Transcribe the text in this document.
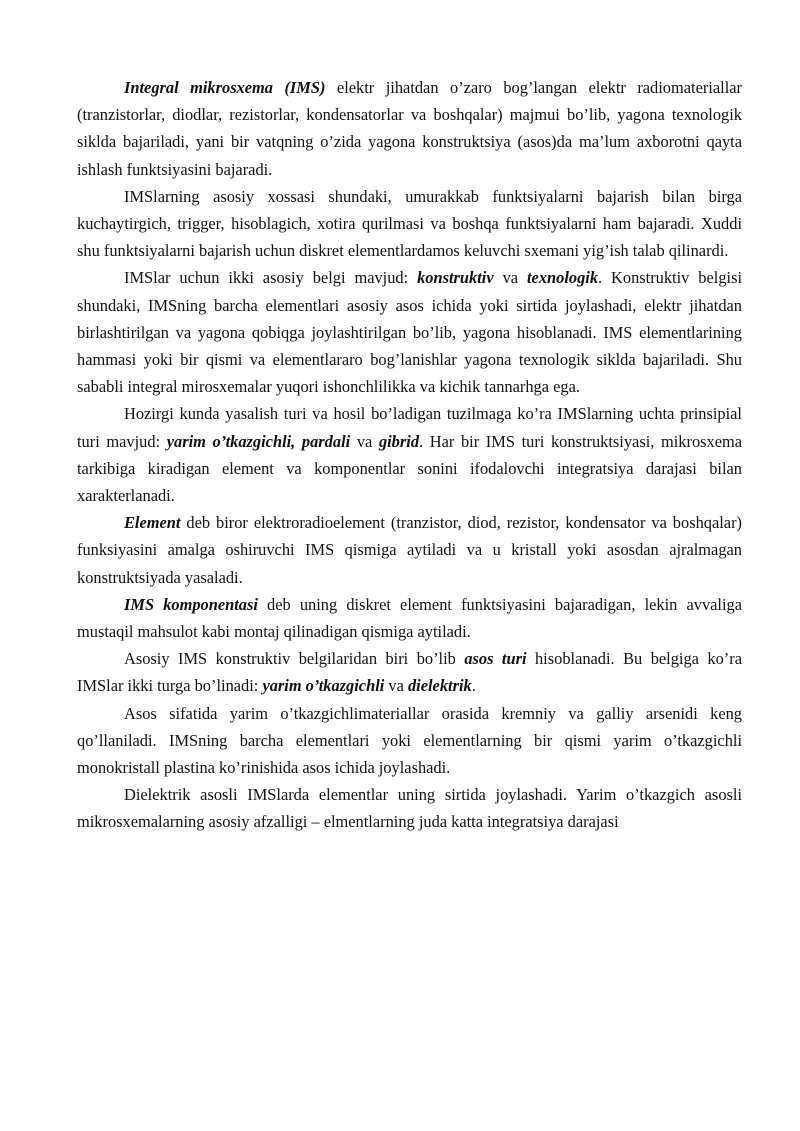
Integral mikrosxema (IMS) elektr jihatdan o’zaro bog’langan elektr radiomateriallar (tranzistorlar, diodlar, rezistorlar, kondensatorlar va boshqalar) majmui bo’lib, yagona texnologik siklda bajariladi, yani bir vatqning o’zida yagona konstruktsiya (asos)da ma’lum axborotni qayta ishlash funktsiyasini bajaradi.

IMSlarning asosiy xossasi shundaki, umurakkab funktsiyalarni bajarish bilan birga kuchaytirgich, trigger, hisoblagich, xotira qurilmasi va boshqa funktsiyalarni ham bajaradi. Xuddi shu funktsiyalarni bajarish uchun diskret elementlardamos keluvchi sxemani yig’ish talab qilinardi.

IMSlar uchun ikki asosiy belgi mavjud: konstruktiv va texnologik. Konstruktiv belgisi shundaki, IMSning barcha elementlari asosiy asos ichida yoki sirtida joylashadi, elektr jihatdan birlashtirilgan va yagona qobiqga joylashtirilgan bo’lib, yagona hisoblanadi. IMS elementlarining hammasi yoki bir qismi va elementlararo bog’lanishlar yagona texnologik siklda bajariladi. Shu sababli integral mirosxemalar yuqori ishonchlilikka va kichik tannarhga ega.

Hozirgi kunda yasalish turi va hosil bo’ladigan tuzilmaga ko’ra IMSlarning uchta prinsipial turi mavjud: yarim o’tkazgichli, pardali va gibrid. Har bir IMS turi konstruktsiyasi, mikrosxema tarkibiga kiradigan element va komponentlar sonini ifodalovchi integratsiya darajasi bilan xarakterlanadi.

Element deb biror elektroradioelement (tranzistor, diod, rezistor, kondensator va boshqalar) funksiyasini amalga oshiruvchi IMS qismiga aytiladi va u kristall yoki asosdan ajralmagan konstruktsiyada yasaladi.

IMS komponentasi deb uning diskret element funktsiyasini bajaradigan, lekin avvaliga mustaqil mahsulot kabi montaj qilinadigan qismiga aytiladi.

Asosiy IMS konstruktiv belgilaridan biri bo’lib asos turi hisoblanadi. Bu belgiga ko’ra IMSlar ikki turga bo’linadi: yarim o’tkazgichli va dielektrik.

Asos sifatida yarim o’tkazgichlimateriallar orasida kremniy va galliy arsenidi keng qo’llaniladi. IMSning barcha elementlari yoki elementlarning bir qismi yarim o’tkazgichli monokristall plastina ko’rinishida asos ichida joylashadi.

Dielektrik asosli IMSlarda elementlar uning sirtida joylashadi. Yarim o’tkazgich asosli mikrosxemalarning asosiy afzalligi – elmentlarning juda katta integratsiya darajasi
